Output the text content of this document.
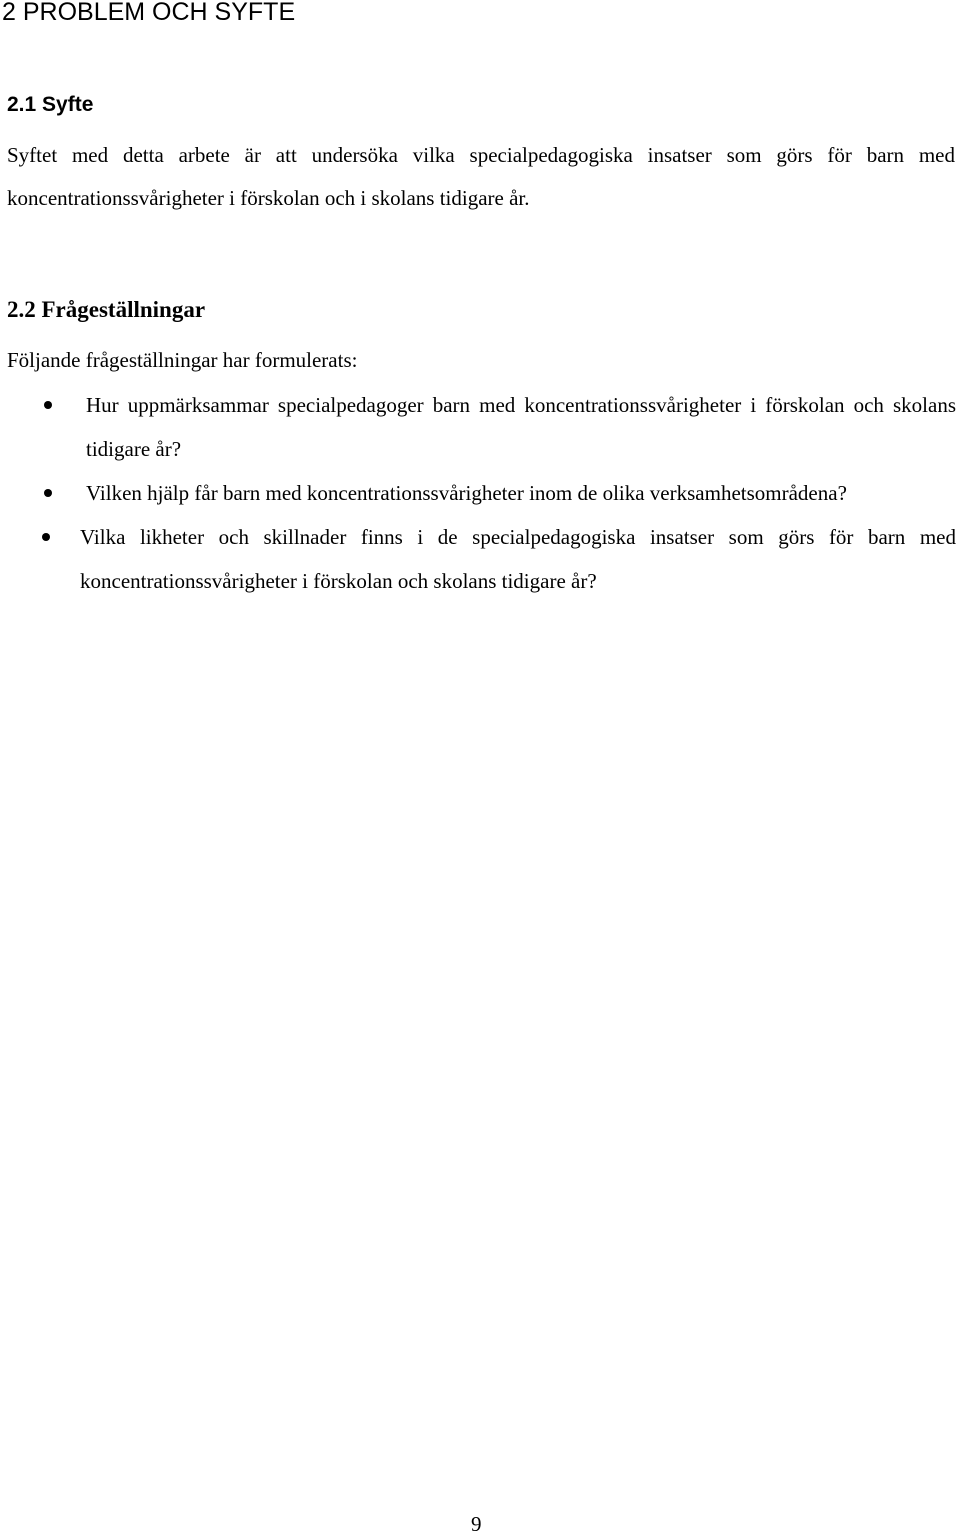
2 PROBLEM OCH SYFTE
2.1 Syfte

Syftet med detta arbete är att undersöka vilka specialpedagogiska insatser som görs för barn med koncentrationssvårigheter i förskolan och i skolans tidigare år.

2.2 Frågeställningar

Följande frågeställningar har formulerats:

Hur uppmärksammar specialpedagoger barn med koncentrationssvårigheter i förskolan och skolans tidigare år?
Vilken hjälp får barn med koncentrationssvårigheter inom de olika verksamhetsområdena?
Vilka likheter och skillnader finns i de specialpedagogiska insatser som görs för barn med koncentrationssvårigheter i förskolan och skolans tidigare år?
9
